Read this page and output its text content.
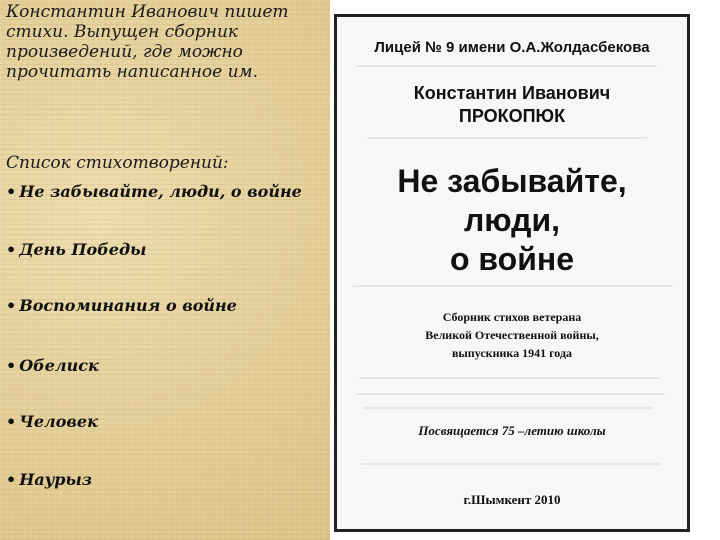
Константин Иванович пишет
стихи. Выпущен сборник
произведений, где можно
прочитать написанное им.
Список стихотворений:
• Не забывайте, люди, о войне
• День Победы
• Воспоминания о войне
• Обелиск
• Человек
• Наурыз
Лицей № 9 имени О.А.Жолдасбекова
Константин Иванович
ПРОКОПЮК
Не забывайте,
люди,
о войне
Сборник стихов ветерана
Великой Отечественной войны,
выпускника 1941 года
Посвящается 75 –летию школы
г.Шымкент 2010
